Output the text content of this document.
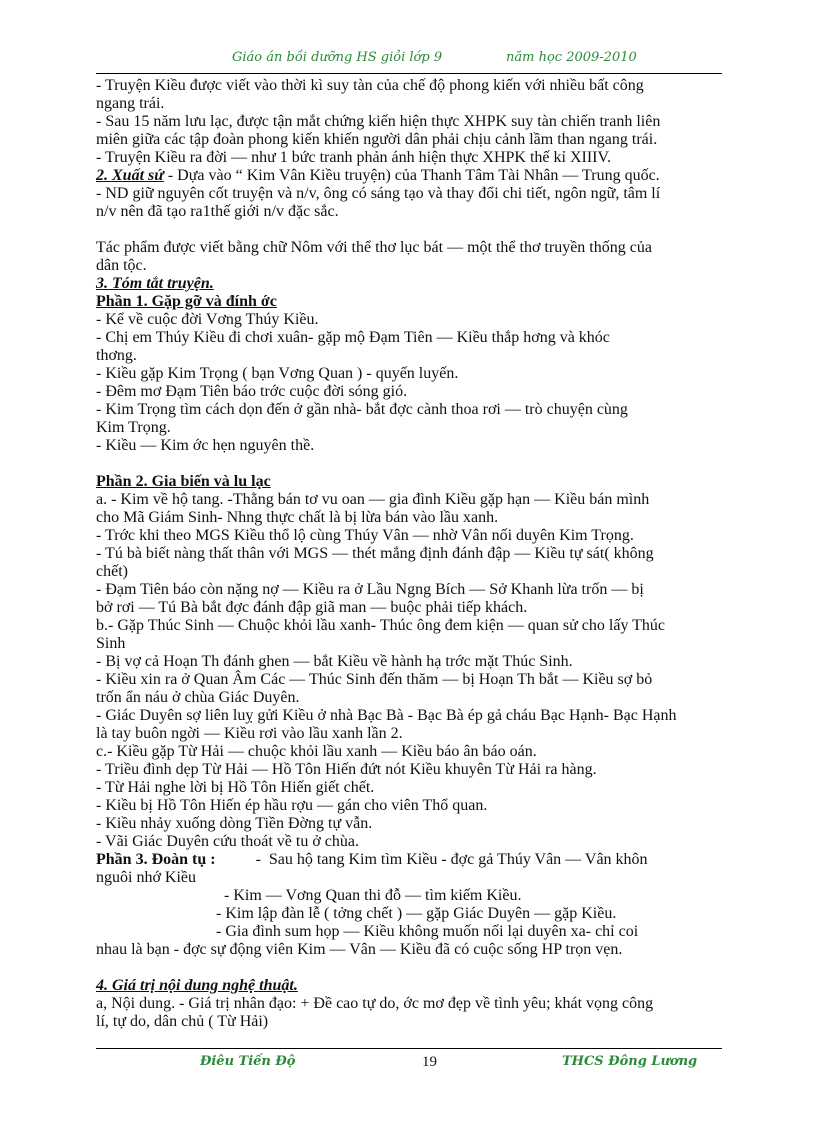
Giáo án bồi dưỡng HS giỏi lớp 9	năm học 2009-2010
- Truyện Kiều được viết vào thời kì suy tàn của chế độ phong kiến với nhiều bất công
ngang trái.
- Sau 15 năm lưu lạc, được tận mắt chứng kiến hiện thực XHPK suy tàn chiến tranh liên
miên giữa các tập đoàn phong kiến khiến người dân phải chịu cảnh lầm than ngang trái.
- Truyện Kiều ra đời — như 1 bức tranh phản ánh hiện thực XHPK thế kỉ XIIIV.
2. Xuất sứ - Dựa vào “ Kim Vân Kiều truyện) của Thanh Tâm Tài Nhân — Trung quốc.
- ND giữ nguyên cốt truyện và n/v, ông có sáng tạo và thay đổi chi tiết, ngôn ngữ, tâm lí
n/v nên đã tạo ra1thế giới n/v đặc sắc.
Tác phẩm được viết bằng chữ Nôm với thể thơ lục bát — một thể thơ truyền thống của
dân tộc.
3. Tóm tắt truyện.
Phần 1. Gặp gỡ và đính ớc
- Kể về cuộc đời Vơng Thúy Kiều.
- Chị em Thúy Kiều đi chơi xuân- gặp mộ Đạm Tiên — Kiều thắp hơng và khóc
thơng.
- Kiều gặp Kim Trọng ( bạn Vơng Quan ) - quyến luyến.
- Đêm mơ Đạm Tiên báo trớc cuộc đời sóng gió.
- Kim Trọng tìm cách dọn đến ở gần nhà- bắt đợc cành thoa rơi — trò chuyện cùng
Kim Trọng.
- Kiều — Kim ớc hẹn nguyên thề.
Phần 2. Gia biến và lu lạc
a. - Kim về hộ tang. -Thằng bán tơ vu oan — gia đình Kiều gặp hạn — Kiều bán mình
cho Mã Giám Sinh- Nhng thực chất là bị lừa bán vào lầu xanh.
- Trớc khi theo MGS Kiều thổ lộ cùng Thúy Vân — nhờ Vân nối duyên Kim Trọng.
- Tú bà biết nàng thất thân với MGS — thét mắng định đánh đập — Kiều tự sát( không
chết)
- Đạm Tiên báo còn nặng nợ — Kiều ra ở Lầu Ngng Bích — Sở Khanh lừa trốn — bị
bở rơi — Tú Bà bắt đợc đánh đập giã man — buộc phải tiếp khách.
b.- Gặp Thúc Sinh — Chuộc khỏi lầu xanh- Thúc ông đem kiện — quan sử cho lấy Thúc
Sinh
- Bị vợ cả Hoạn Th đánh ghen — bắt Kiều về hành hạ trớc mặt Thúc Sinh.
- Kiều xin ra ở Quan Âm Các — Thúc Sinh đến thăm — bị Hoạn Th bắt — Kiều sợ bỏ
trốn ẩn náu ở chùa Giác Duyên.
- Giác Duyên sợ liên luỵ gửi Kiều ở nhà Bạc Bà - Bạc Bà ép gả cháu Bạc Hạnh- Bạc Hạnh
là tay buôn ngời — Kiều rơi vào lầu xanh lần 2.
c.- Kiều gặp Từ Hải — chuộc khỏi lầu xanh — Kiều báo ân báo oán.
- Triều đình dẹp Từ Hải — Hồ Tôn Hiến đứt nót Kiều khuyên Từ Hải ra hàng.
- Từ Hải nghe lời bị Hồ Tôn Hiến giết chết.
- Kiều bị Hồ Tôn Hiến ép hầu rợu — gán cho viên Thổ quan.
- Kiều nhảy xuống dòng Tiền Đờng tự vẫn.
- Vãi Giác Duyên cứu thoát về tu ở chùa.
Phần 3. Đoàn tụ :          -  Sau hộ tang Kim tìm Kiều - đợc gả Thúy Vân — Vân khôn
nguôi nhớ Kiều
- Kim — Vơng Quan thi đỗ — tìm kiếm Kiều.
- Kim lập đàn lễ ( tởng chết ) — gặp Giác Duyên — gặp Kiều.
- Gia đình sum họp — Kiều không muốn nối lại duyên xa- chỉ coi
nhau là bạn - đợc sự động viên Kim — Vân — Kiều đã có cuộc sống HP trọn vẹn.
4. Giá trị nội dung nghệ thuật.
a, Nội dung. - Giá trị nhân đạo: + Đề cao tự do, ớc mơ đẹp về tình yêu; khát vọng công
lí, tự do, dân chủ ( Từ Hải)
Điêu Tiến Độ	19	THCS Đông Lương
